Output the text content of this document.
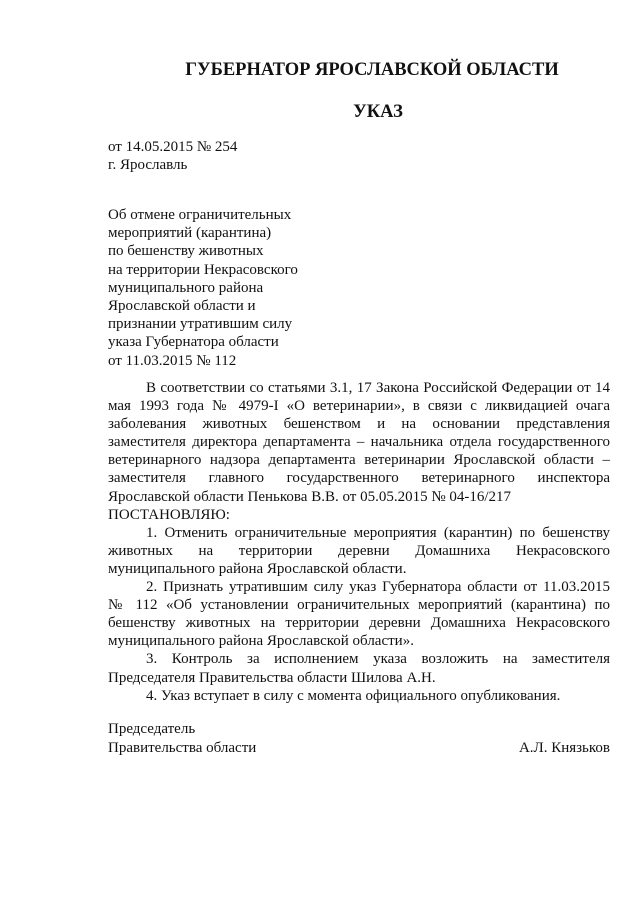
ГУБЕРНАТОР ЯРОСЛАВСКОЙ ОБЛАСТИ
УКАЗ
от 14.05.2015 № 254
г. Ярославль
Об отмене ограничительных
мероприятий (карантина)
по бешенству животных
на территории Некрасовского
муниципального района
Ярославской области и
признании утратившим силу
указа Губернатора области
от 11.03.2015 № 112
В соответствии со статьями 3.1, 17 Закона Российской Федерации от 14 мая 1993 года № 4979-I «О ветеринарии», в связи с ликвидацией очага заболевания животных бешенством и на основании представления заместителя директора департамента – начальника отдела государственного ветеринарного надзора департамента ветеринарии Ярославской области – заместителя главного государственного ветеринарного инспектора Ярославской области Пенькова В.В. от 05.05.2015 № 04-16/217
ПОСТАНОВЛЯЮ:
1. Отменить ограничительные мероприятия (карантин) по бешенству животных на территории деревни Домашниха Некрасовского муниципального района Ярославской области.
2. Признать утратившим силу указ Губернатора области от 11.03.2015 № 112 «Об установлении ограничительных мероприятий (карантина) по бешенству животных на территории деревни Домашниха Некрасовского муниципального района Ярославской области».
3. Контроль за исполнением указа возложить на заместителя Председателя Правительства области Шилова А.Н.
4. Указ вступает в силу с момента официального опубликования.
Председатель
Правительства области	А.Л. Князьков
